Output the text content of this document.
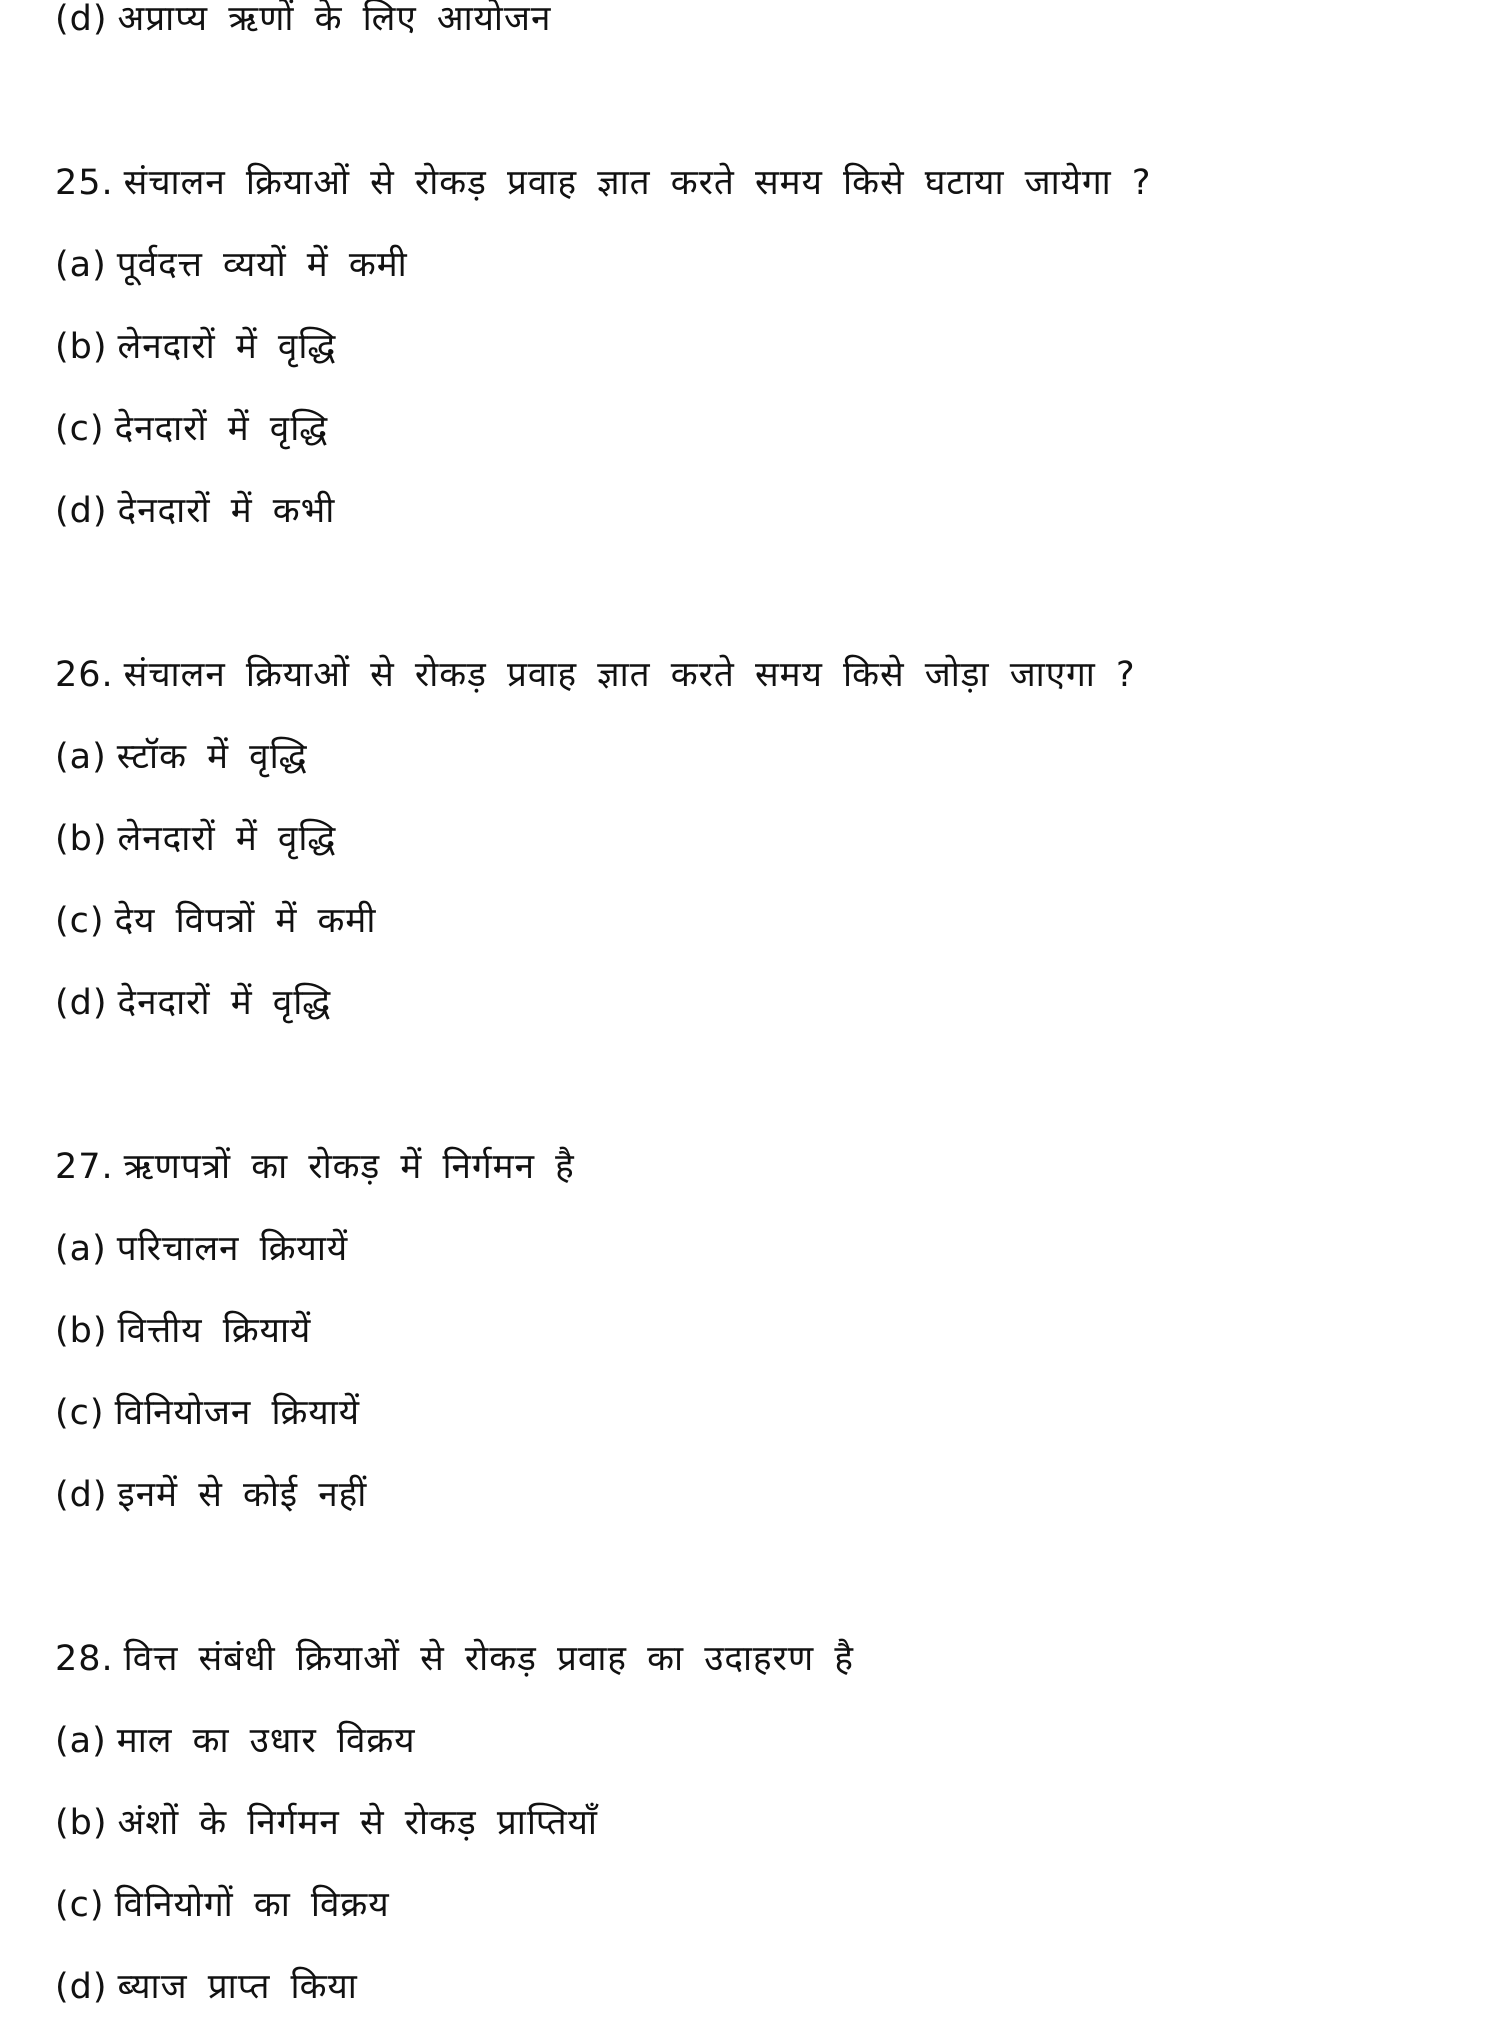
(d) अप्राप्य ऋणों के लिए आयोजन
25. संचालन क्रियाओं से रोकड़ प्रवाह ज्ञात करते समय किसे घटाया जायेगा ?
(a) पूर्वदत्त व्ययों में कमी
(b) लेनदारों में वृद्धि
(c) देनदारों में वृद्धि
(d) देनदारों में कभी
26. संचालन क्रियाओं से रोकड़ प्रवाह ज्ञात करते समय किसे जोड़ा जाएगा ?
(a) स्टॉक में वृद्धि
(b) लेनदारों में वृद्धि
(c) देय विपत्रों में कमी
(d) देनदारों में वृद्धि
27. ऋणपत्रों का रोकड़ में निर्गमन है
(a) परिचालन क्रियायें
(b) वित्तीय क्रियायें
(c) विनियोजन क्रियायें
(d) इनमें से कोई नहीं
28. वित्त संबंधी क्रियाओं से रोकड़ प्रवाह का उदाहरण है
(a) माल का उधार विक्रय
(b) अंशों के निर्गमन से रोकड़ प्राप्तियाँ
(c) विनियोगों का विक्रय
(d) ब्याज प्राप्त किया
